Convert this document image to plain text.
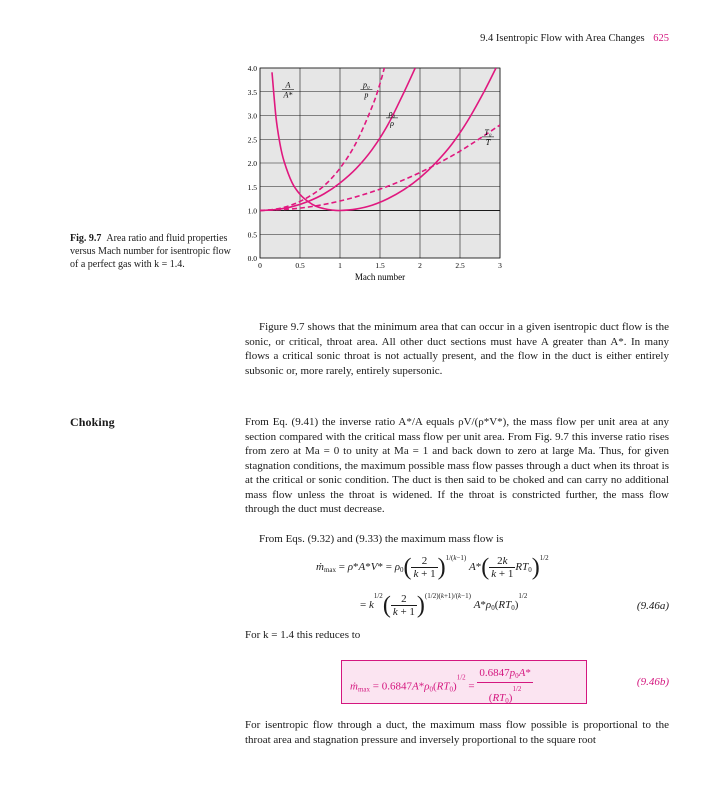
9.4 Isentropic Flow with Area Changes 625
0.0
0.5
1.0
1.5
2.0
2.5
3.0
3.5
4.0
0	0.5	1	1.5	2	2.5	3
A
A*
p₀
p
ρ₀
ρ
T₀
T
Mach number
Fig. 9.7 Area ratio and fluid properties versus Mach number for isentropic flow of a perfect gas with k = 1.4.
Figure 9.7 shows that the minimum area that can occur in a given isentropic duct flow is the sonic, or critical, throat area. All other duct sections must have A greater than A*. In many flows a critical sonic throat is not actually present, and the flow in the duct is either entirely subsonic or, more rarely, entirely supersonic.
Choking	From Eq. (9.41) the inverse ratio A*/A equals ρV/(ρ*V*), the mass flow per unit area at any section compared with the critical mass flow per unit area. From Fig. 9.7 this inverse ratio rises from zero at Ma = 0 to unity at Ma = 1 and back down to zero at large Ma. Thus, for given stagnation conditions, the maximum possible mass flow passes through a duct when its throat is at the critical or sonic condition. The duct is then said to be choked and can carry no additional mass flow unless the throat is widened. If the throat is constricted further, the mass flow through the duct must decrease.
From Eqs. (9.32) and (9.33) the maximum mass flow is
ṁ$_{max}$ = $\rho*A*V* = \rho_0( \frac{2}{k + 1} )^{1/(k-1)}$ $A*( \frac{2k}{k + 1} RT_0)^{1/2}$
= $k^{1/2}( \frac{2}{k + 1} )^{(1/2)(k+1)/(k-1)}$ $A*\rho_0(RT_0)^{1/2}$
(9.46a)
For k = 1.4 this reduces to
ṁ$_{max}$ = $0.6847A*\rho_0(RT_0)^{1/2} = \frac{0.6847p_0A*}{(RT_0)^{1/2}}$	(9.46b)
For isentropic flow through a duct, the maximum mass flow possible is proportional to the throat area and stagnation pressure and inversely proportional to the square root
